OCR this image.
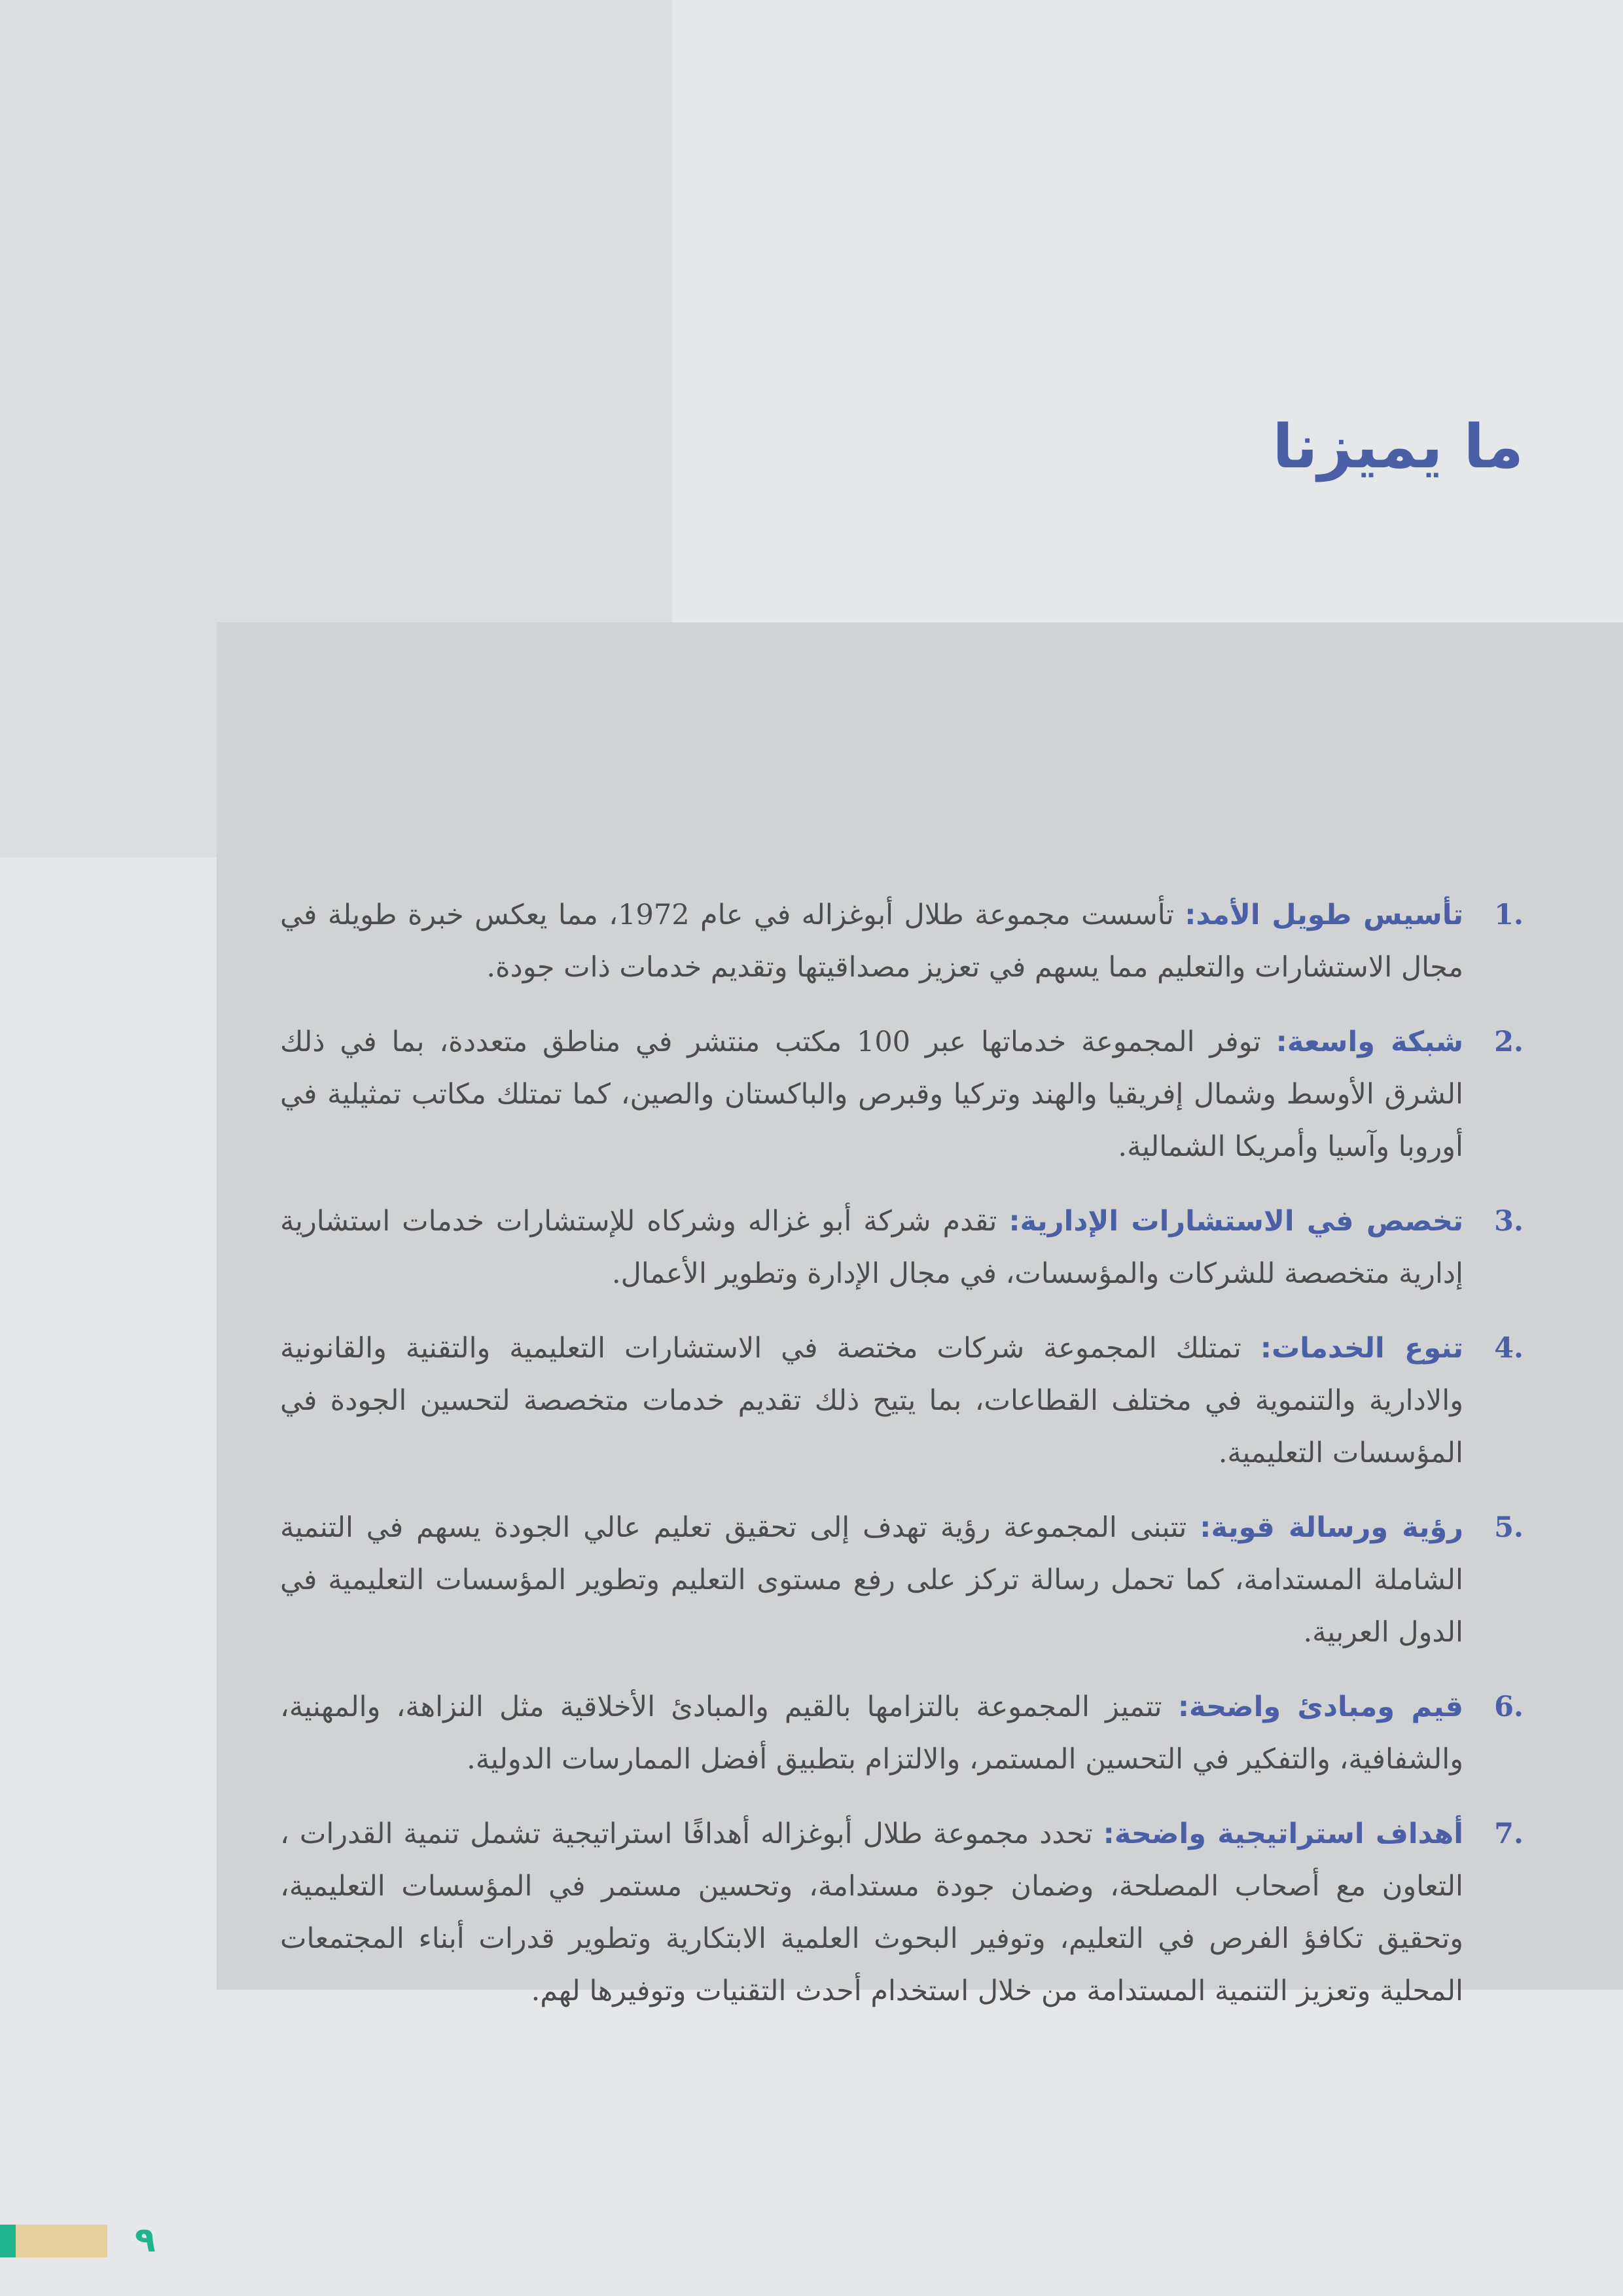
ما يميزنا
1.

تأسيس طويل الأمد: تأسست مجموعة طلال أبوغزاله في عام 1972، مما يعكس خبرة طويلة في مجال الاستشارات والتعليم مما يسهم في تعزيز مصداقيتها وتقديم خدمات ذات جودة.

2.

شبكة واسعة: توفر المجموعة خدماتها عبر 100 مكتب منتشر في مناطق متعددة، بما في ذلك الشرق الأوسط وشمال إفريقيا والهند وتركيا وقبرص والباكستان والصين، كما تمتلك مكاتب تمثيلية في أوروبا وآسيا وأمريكا الشمالية.

3.

تخصص في الاستشارات الإدارية: تقدم شركة أبو غزاله وشركاه للإستشارات خدمات استشارية إدارية متخصصة للشركات والمؤسسات، في مجال الإدارة وتطوير الأعمال.

4.

تنوع الخدمات: تمتلك المجموعة شركات مختصة في الاستشارات التعليمية والتقنية والقانونية والادارية والتنموية في مختلف القطاعات، بما يتيح ذلك تقديم خدمات متخصصة لتحسين الجودة في المؤسسات التعليمية.

5.

رؤية ورسالة قوية: تتبنى المجموعة رؤية تهدف إلى تحقيق تعليم عالي الجودة يسهم في التنمية الشاملة المستدامة، كما تحمل رسالة تركز على رفع مستوى التعليم وتطوير المؤسسات التعليمية في الدول العربية.

6.

قيم ومبادئ واضحة: تتميز المجموعة بالتزامها بالقيم والمبادئ الأخلاقية مثل النزاهة، والمهنية، والشفافية، والتفكير في التحسين المستمر، والالتزام بتطبيق أفضل الممارسات الدولية.

7.

أهداف استراتيجية واضحة: تحدد مجموعة طلال أبوغزاله أهدافًا استراتيجية تشمل تنمية القدرات ، التعاون مع أصحاب المصلحة، وضمان جودة مستدامة، وتحسين مستمر في المؤسسات التعليمية، وتحقيق تكافؤ الفرص في التعليم، وتوفير البحوث العلمية الابتكارية وتطوير قدرات أبناء المجتمعات المحلية وتعزيز التنمية المستدامة من خلال استخدام أحدث التقنيات وتوفيرها لهم.

٩
